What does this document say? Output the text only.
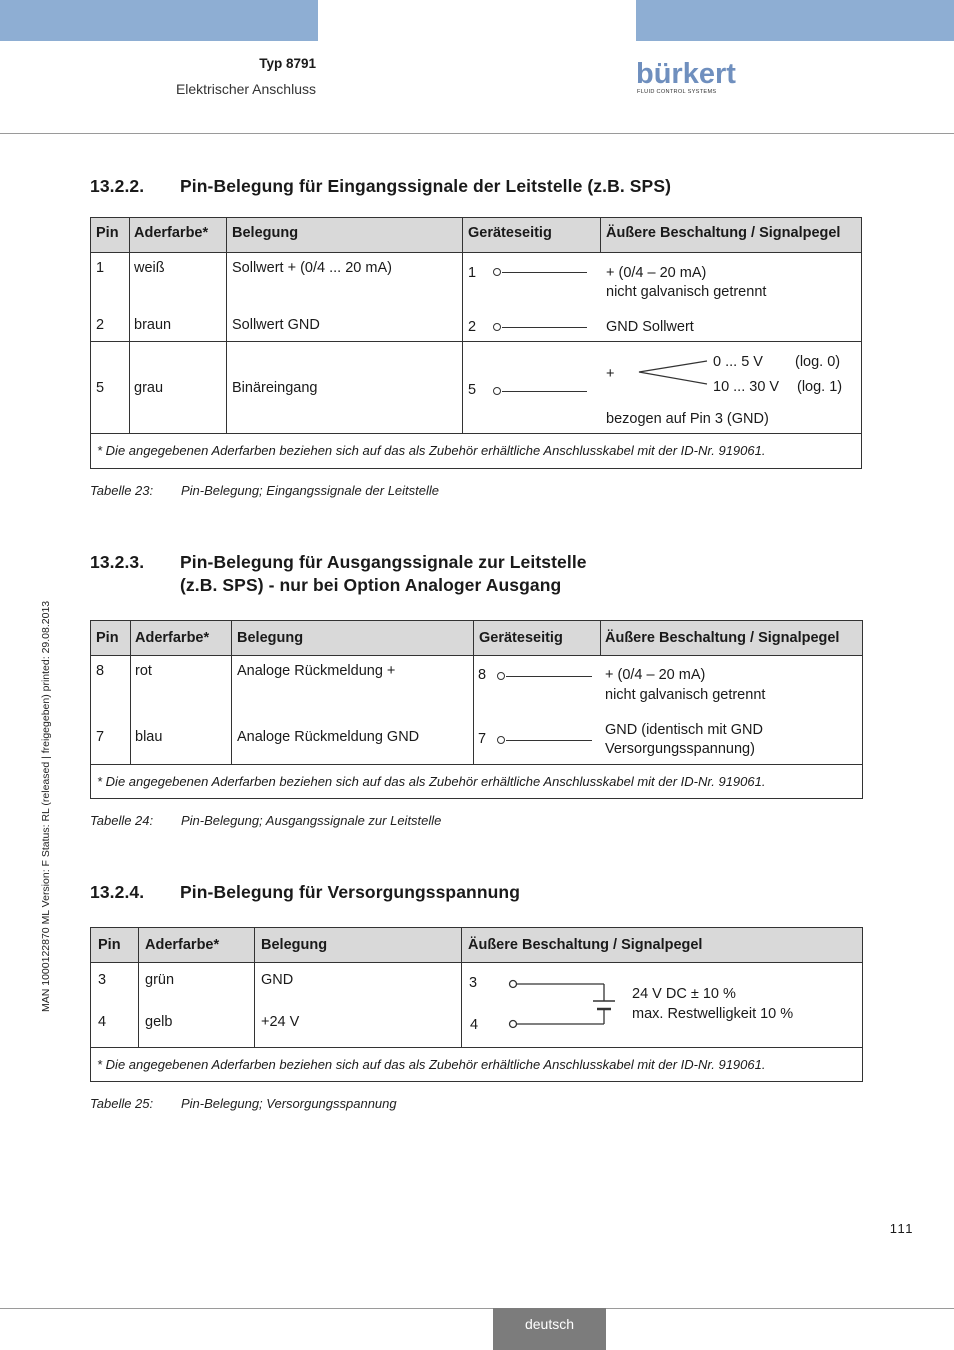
Typ 8791
Elektrischer Anschluss	bürkert
FLUID CONTROL SYSTEMS
MAN 1000122870 ML Version: F Status: RL (released | freigegeben) printed: 29.08.2013
13.2.2. Pin-Belegung für Eingangssignale der Leitstelle (z.B. SPS)
Pin Aderfarbe* Belegung	Geräteseitig	Äußere Beschaltung / Signalpegel
1 weiß	Sollwert + (0/4 ... 20 mA)	1	+ (0/4 – 20 mA)
nicht galvanisch getrennt
2 braun	Sollwert GND	2	GND Sollwert
5 grau	Binäreingang	5
+
0 ... 5 V (log. 0)
10 ... 30 V (log. 1)
bezogen auf Pin 3 (GND)
* Die angegebenen Aderfarben beziehen sich auf das als Zubehör erhältliche Anschlusskabel mit der ID-Nr. 919061.
Tabelle 23: Pin-Belegung; Eingangssignale der Leitstelle
13.2.3. Pin-Belegung für Ausgangssignale zur Leitstelle
(z.B. SPS) - nur bei Option Analoger Ausgang
Pin Aderfarbe* Belegung	Geräteseitig	Äußere Beschaltung / Signalpegel
8 rot	Analoge Rückmeldung +	8	+ (0/4 – 20 mA)
nicht galvanisch getrennt
7 blau	Analoge Rückmeldung GND	7
GND (identisch mit GND
Versorgungsspannung)
* Die angegebenen Aderfarben beziehen sich auf das als Zubehör erhältliche Anschlusskabel mit der ID-Nr. 919061.
Tabelle 24: Pin-Belegung; Ausgangssignale zur Leitstelle
13.2.4. Pin-Belegung für Versorgungsspannung
Pin Aderfarbe*	Belegung	Äußere Beschaltung / Signalpegel
3	grün	GND
4	gelb	+24 V
3
4
24 V DC ± 10 %
max. Restwelligkeit 10 %
* Die angegebenen Aderfarben beziehen sich auf das als Zubehör erhältliche Anschlusskabel mit der ID-Nr. 919061.
Tabelle 25: Pin-Belegung; Versorgungsspannung
111
deutsch
